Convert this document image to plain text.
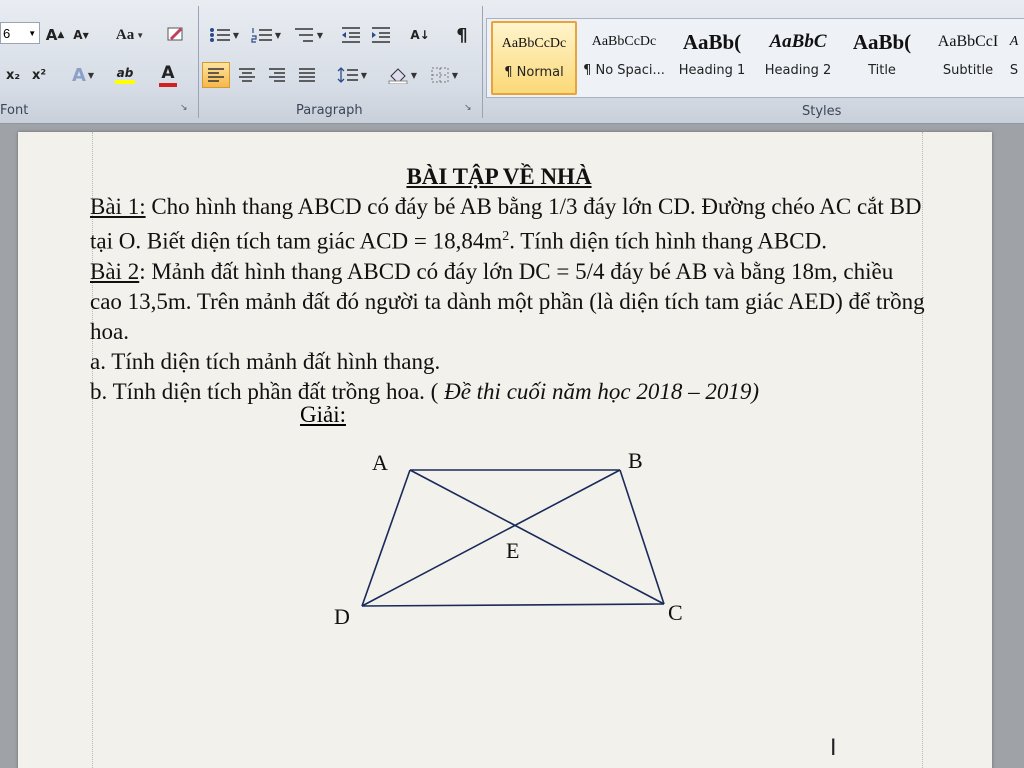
6 ▼ A ▲ A ▼ Aa ▼
x₂ x² A ▼ ab A
Font	↘
▼	▼	▼	A↓ ¶
▼	▼	▼
Paragraph	↘
AaBbCcDc
¶ Normal
AaBbCcDc
¶ No Spaci...
AaBb(
Heading 1
AaBbC
Heading 2
AaBb(
Title
AaBbCcI
Subtitle
A
S
Styles
BÀI TẬP VỀ NHÀ

Bài 1: Cho hình thang ABCD có đáy bé AB bằng 1/3 đáy lớn CD. Đường chéo AC cắt BD tại O. Biết diện tích tam giác ACD = $18,84m^2$. Tính diện tích hình thang ABCD.

Bài 2: Mảnh đất hình thang ABCD có đáy lớn DC = 5/4 đáy bé AB và bằng 18m, chiều cao 13,5m. Trên mảnh đất đó người ta dành một phần (là diện tích tam giác AED) để trồng hoa.

a. Tính diện tích mảnh đất hình thang.

b. Tính diện tích phần đất trồng hoa. ( Đề thi cuối năm học 2018 – 2019)

Giải:
A	B
C
D
E
I
